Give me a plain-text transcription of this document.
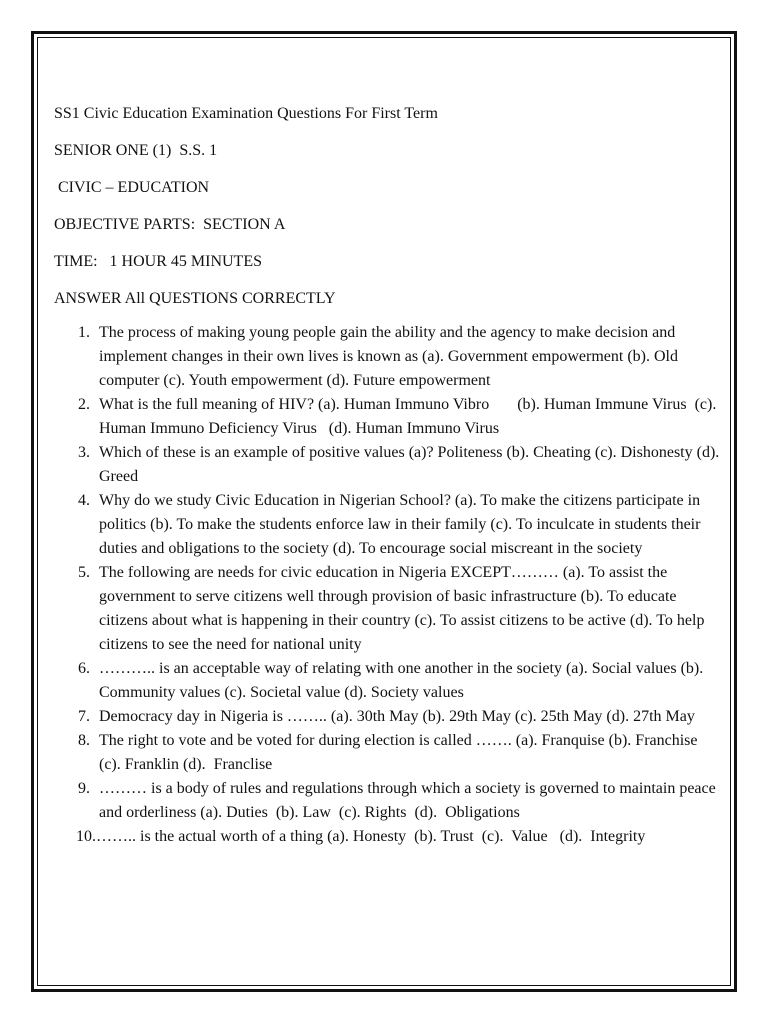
SS1 Civic Education Examination Questions For First Term

SENIOR ONE (1)  S.S. 1

CIVIC – EDUCATION

OBJECTIVE PARTS:  SECTION A

TIME:   1 HOUR 45 MINUTES

ANSWER All QUESTIONS CORRECTLY

1. The process of making young people gain the ability and the agency to make decision and implement changes in their own lives is known as (a). Government empowerment (b). Old computer (c). Youth empowerment (d). Future empowerment
2. What is the full meaning of HIV? (a). Human Immuno Vibro       (b). Human Immune Virus  (c). Human Immuno Deficiency Virus   (d). Human Immuno Virus
3. Which of these is an example of positive values (a)? Politeness (b). Cheating (c). Dishonesty (d). Greed
4. Why do we study Civic Education in Nigerian School? (a). To make the citizens participate in politics (b). To make the students enforce law in their family (c). To inculcate in students their duties and obligations to the society (d). To encourage social miscreant in the society
5. The following are needs for civic education in Nigeria EXCEPT……… (a). To assist the government to serve citizens well through provision of basic infrastructure (b). To educate citizens about what is happening in their country (c). To assist citizens to be active (d). To help citizens to see the need for national unity
6. ……….. is an acceptable way of relating with one another in the society (a). Social values (b). Community values (c). Societal value (d). Society values
7. Democracy day in Nigeria is …….. (a). 30th May (b). 29th May (c). 25th May (d). 27th May
8. The right to vote and be voted for during election is called ……. (a). Franquise (b). Franchise (c). Franklin (d).  Franclise
9. ……… is a body of rules and regulations through which a society is governed to maintain peace and orderliness (a). Duties  (b). Law  (c). Rights  (d).  Obligations
10.…….. is the actual worth of a thing (a). Honesty  (b). Trust  (c).  Value   (d).  Integrity
